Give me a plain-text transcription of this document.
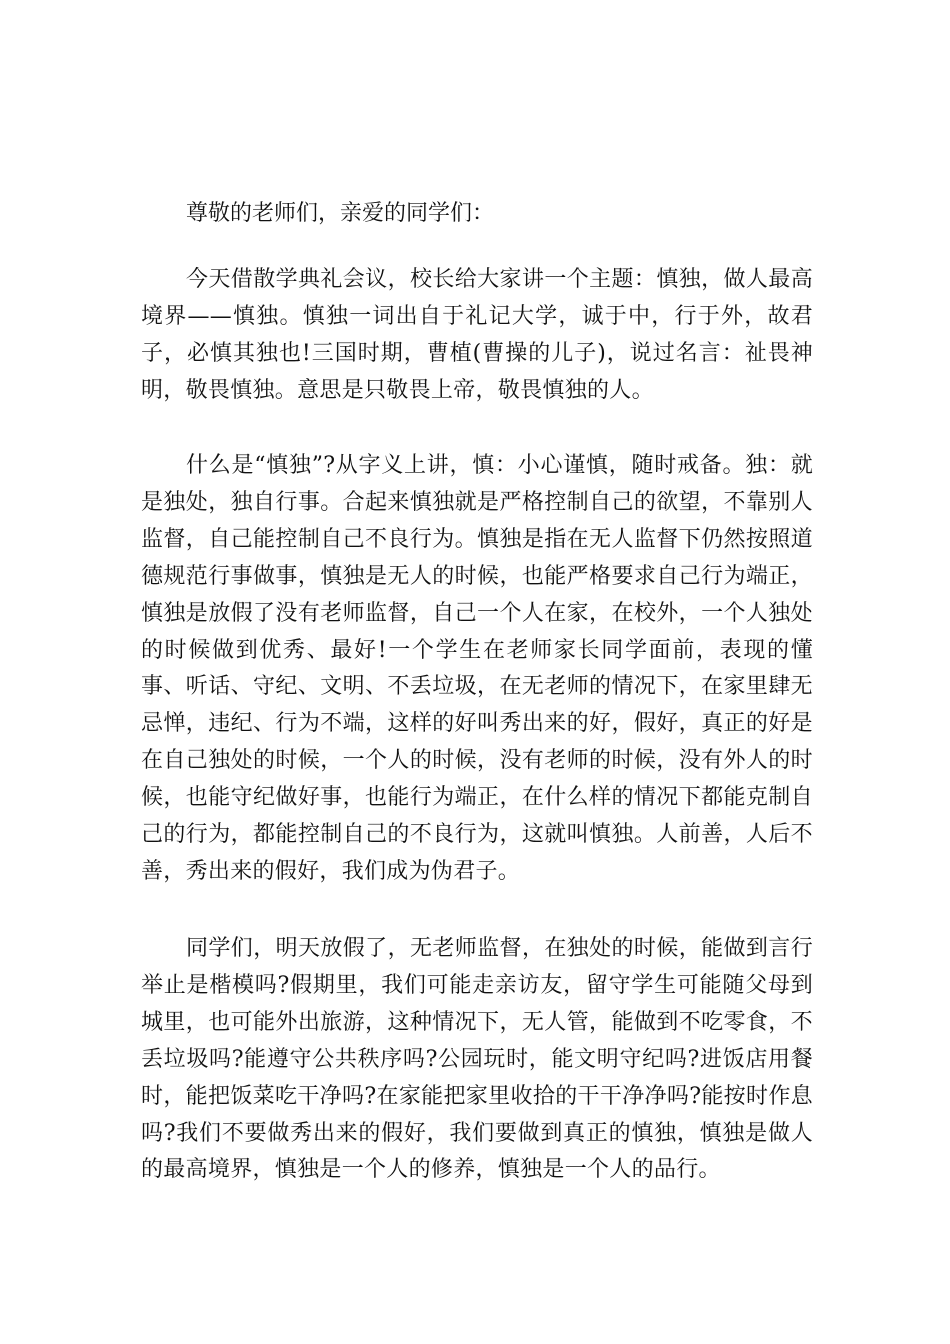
尊敬的老师们，亲爱的同学们：

今天借散学典礼会议，校长给大家讲一个主题：慎独，做人最高境界——慎独。慎独一词出自于礼记大学，诚于中，行于外，故君子，必慎其独也!三国时期，曹植(曹操的儿子)，说过名言：祉畏神明，敬畏慎独。意思是只敬畏上帝，敬畏慎独的人。

什么是“慎独”?从字义上讲，慎：小心谨慎，随时戒备。独：就是独处，独自行事。合起来慎独就是严格控制自己的欲望，不靠别人监督，自己能控制自己不良行为。慎独是指在无人监督下仍然按照道德规范行事做事，慎独是无人的时候，也能严格要求自己行为端正，慎独是放假了没有老师监督，自己一个人在家，在校外，一个人独处的时候做到优秀、最好!一个学生在老师家长同学面前，表现的懂事、听话、守纪、文明、不丢垃圾，在无老师的情况下，在家里肆无忌惮，违纪、行为不端，这样的好叫秀出来的好，假好，真正的好是在自己独处的时候，一个人的时候，没有老师的时候，没有外人的时候，也能守纪做好事，也能行为端正，在什么样的情况下都能克制自己的行为，都能控制自己的不良行为，这就叫慎独。人前善，人后不善，秀出来的假好，我们成为伪君子。

同学们，明天放假了，无老师监督，在独处的时候，能做到言行举止是楷模吗?假期里，我们可能走亲访友，留守学生可能随父母到城里，也可能外出旅游，这种情况下，无人管，能做到不吃零食，不丢垃圾吗?能遵守公共秩序吗?公园玩时，能文明守纪吗?进饭店用餐时，能把饭菜吃干净吗?在家能把家里收拾的干干净净吗?能按时作息吗?我们不要做秀出来的假好，我们要做到真正的慎独，慎独是做人的最高境界，慎独是一个人的修养，慎独是一个人的品行。
